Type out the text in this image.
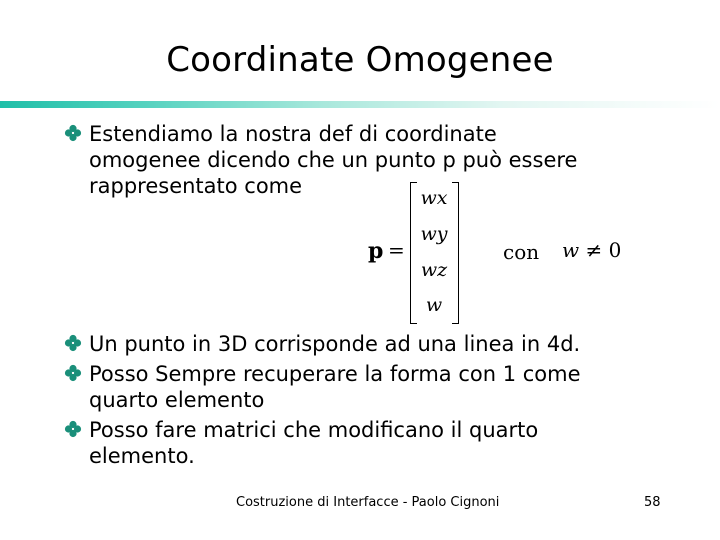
Coordinate Omogenee
Estendiamo la nostra def di coordinate
omogenee dicendo che un punto p può essere
rappresentato come
p =
wx
wy
wz
w
con w ≠ 0
Un punto in 3D corrisponde ad una linea in 4d.
Posso Sempre recuperare la forma con 1 come
quarto elemento
Posso fare matrici che modificano il quarto
elemento.
Costruzione di Interfacce - Paolo Cignoni	58
